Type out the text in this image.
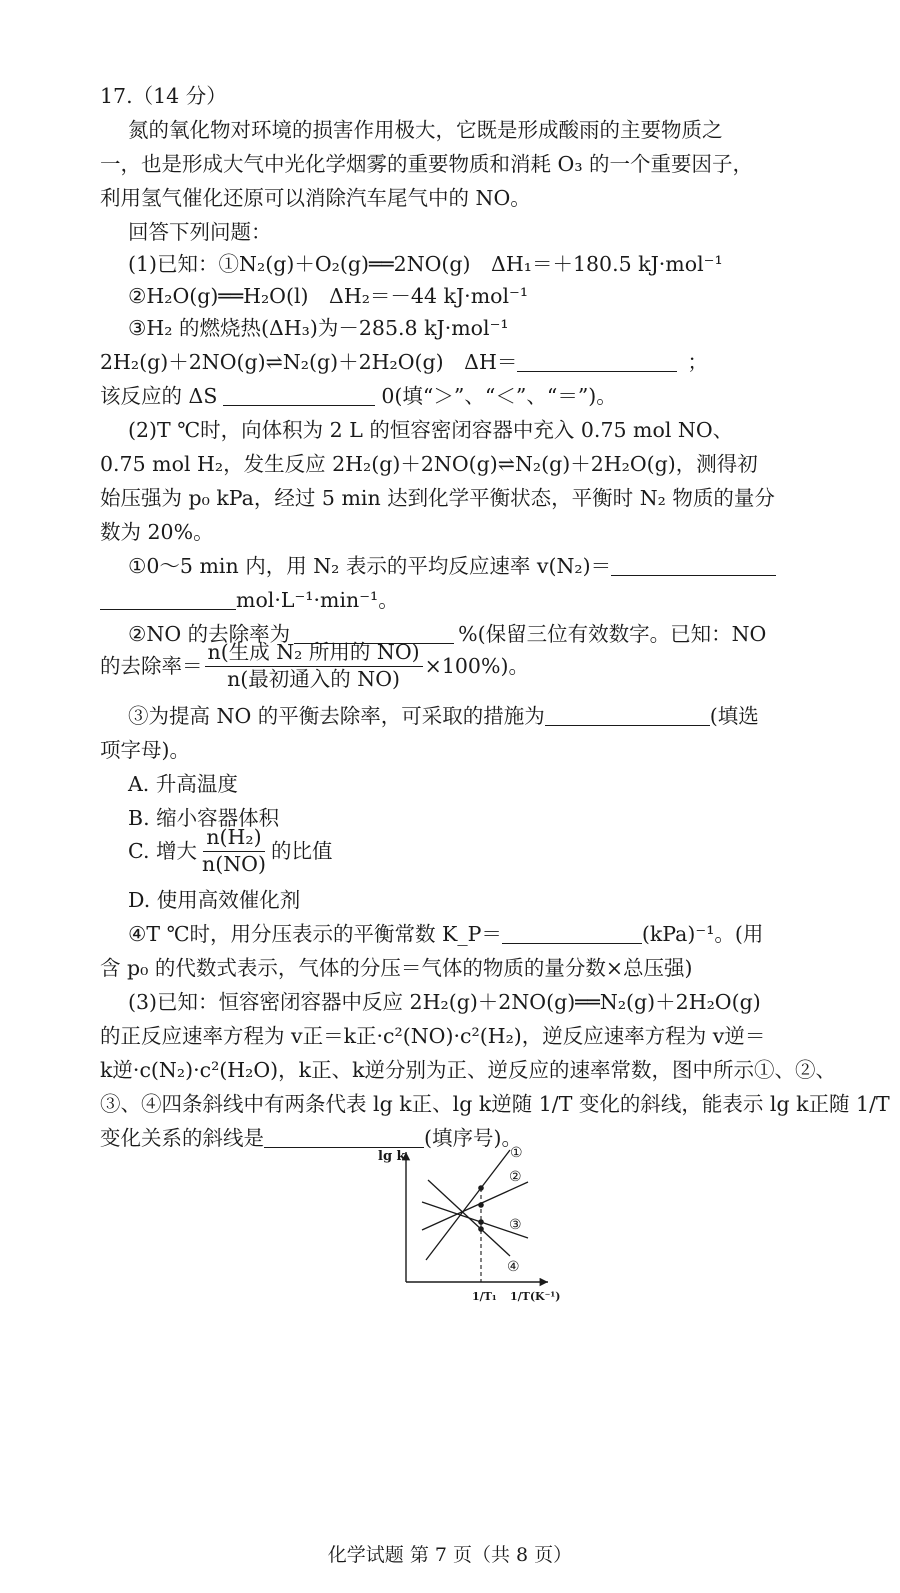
17.（14 分）
氮的氧化物对环境的损害作用极大，它既是形成酸雨的主要物质之
一，也是形成大气中光化学烟雾的重要物质和消耗 O₃ 的一个重要因子，
利用氢气催化还原可以消除汽车尾气中的 NO。
回答下列问题：
(1)已知：①N₂(g)＋O₂(g)══2NO(g)　ΔH₁＝＋180.5 kJ·mol⁻¹
②H₂O(g)══H₂O(l)　ΔH₂＝－44 kJ·mol⁻¹
③H₂ 的燃烧热(ΔH₃)为－285.8 kJ·mol⁻¹
2H₂(g)＋2NO(g)⇌N₂(g)＋2H₂O(g)　ΔH＝	；
该反应的 ΔS	0(填“＞”、“＜”、“＝”)。
(2)T ℃时，向体积为 2 L 的恒容密闭容器中充入 0.75 mol NO、
0.75 mol H₂，发生反应 2H₂(g)＋2NO(g)⇌N₂(g)＋2H₂O(g)，测得初
始压强为 p₀ kPa，经过 5 min 达到化学平衡状态，平衡时 N₂ 物质的量分
数为 20%。
①0～5 min 内，用 N₂ 表示的平均反应速率 v(N₂)＝
mol·L⁻¹·min⁻¹。
②NO 的去除率为	%(保留三位有效数字。已知：NO
的去除率＝ $\frac{\text{n(生成 N₂ 所用的 NO)}}{\text{n(最初通入的 NO)}} \times 100\%$)。
③为提高 NO 的平衡去除率，可采取的措施为	(填选
项字母)。
A. 升高温度
B. 缩小容器体积
C. 增大 $\frac{\text{n(H₂)}}{n(NO)}$ 的比值
D. 使用高效催化剂
④T ℃时，用分压表示的平衡常数 K_P＝	(kPa)⁻¹。(用
含 p₀ 的代数式表示，气体的分压＝气体的物质的量分数×总压强)
(3)已知：恒容密闭容器中反应 2H₂(g)＋2NO(g)══N₂(g)＋2H₂O(g)
的正反应速率方程为 v正＝k正·c²(NO)·c²(H₂)，逆反应速率方程为 v逆＝
k逆·c(N₂)·c²(H₂O)，k正、k逆分别为正、逆反应的速率常数，图中所示①、②、
③、④四条斜线中有两条代表 lg k正、lg k逆随 1/T 变化的斜线，能表示 lg k正随 1/T
变化关系的斜线是	(填序号)。
lg k	①
②
③
④
1/T₁ 1/T(K⁻¹)
化学试题 第 7 页（共 8 页）
